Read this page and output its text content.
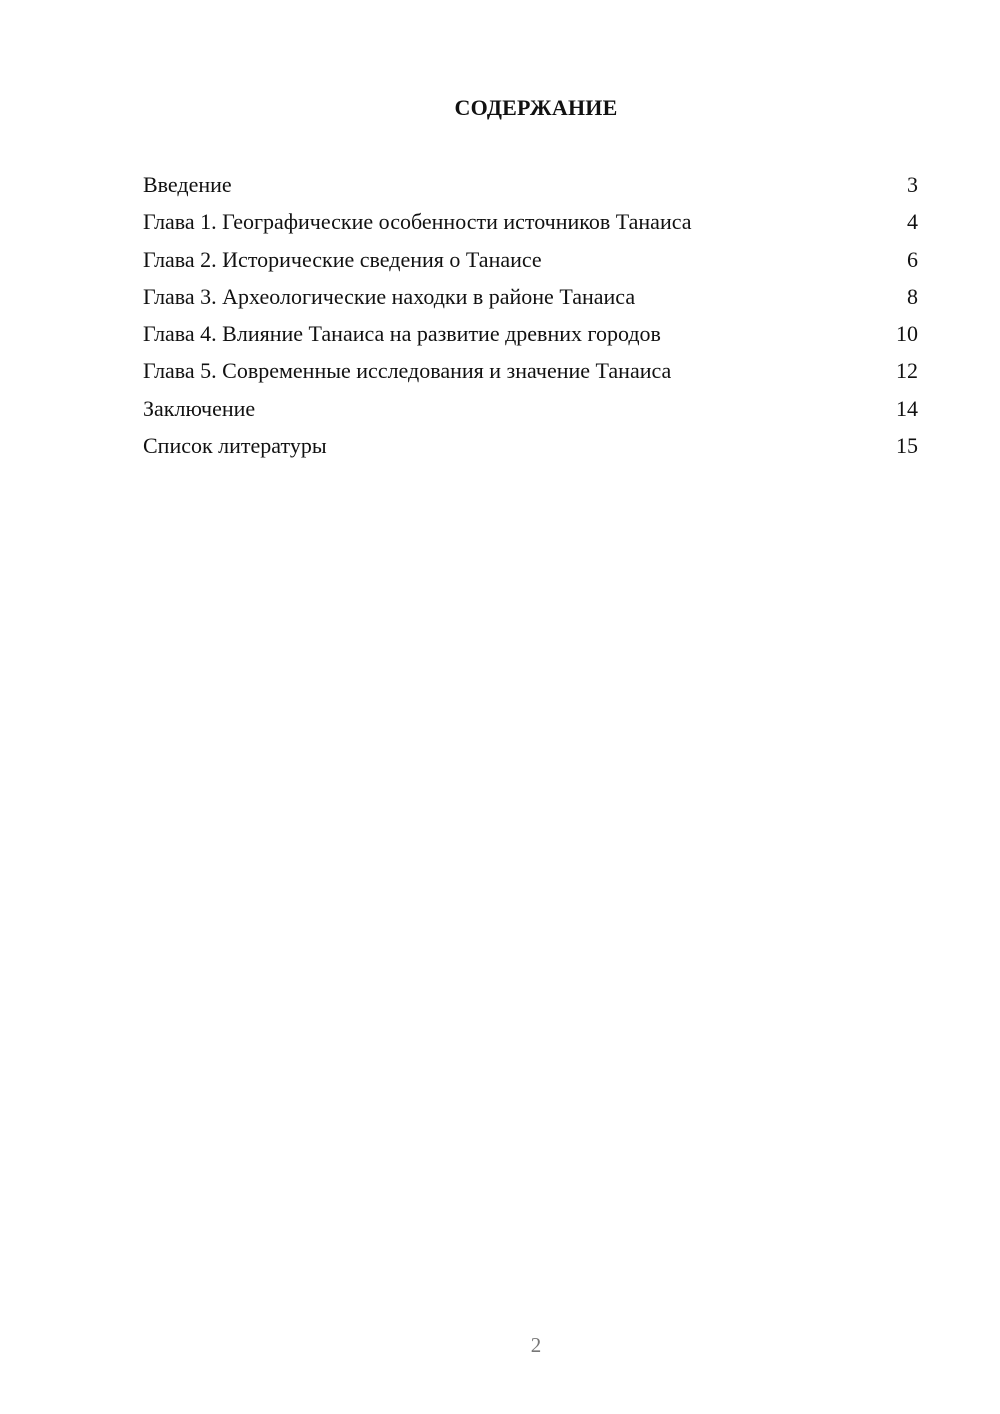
СОДЕРЖАНИЕ
Введение	3
Глава 1. Географические особенности источников Танаиса	4
Глава 2. Исторические сведения о Танаисе	6
Глава 3. Археологические находки в районе Танаиса	8
Глава 4. Влияние Танаиса на развитие древних городов	10
Глава 5. Современные исследования и значение Танаиса	12
Заключение	14
Список литературы	15
2
